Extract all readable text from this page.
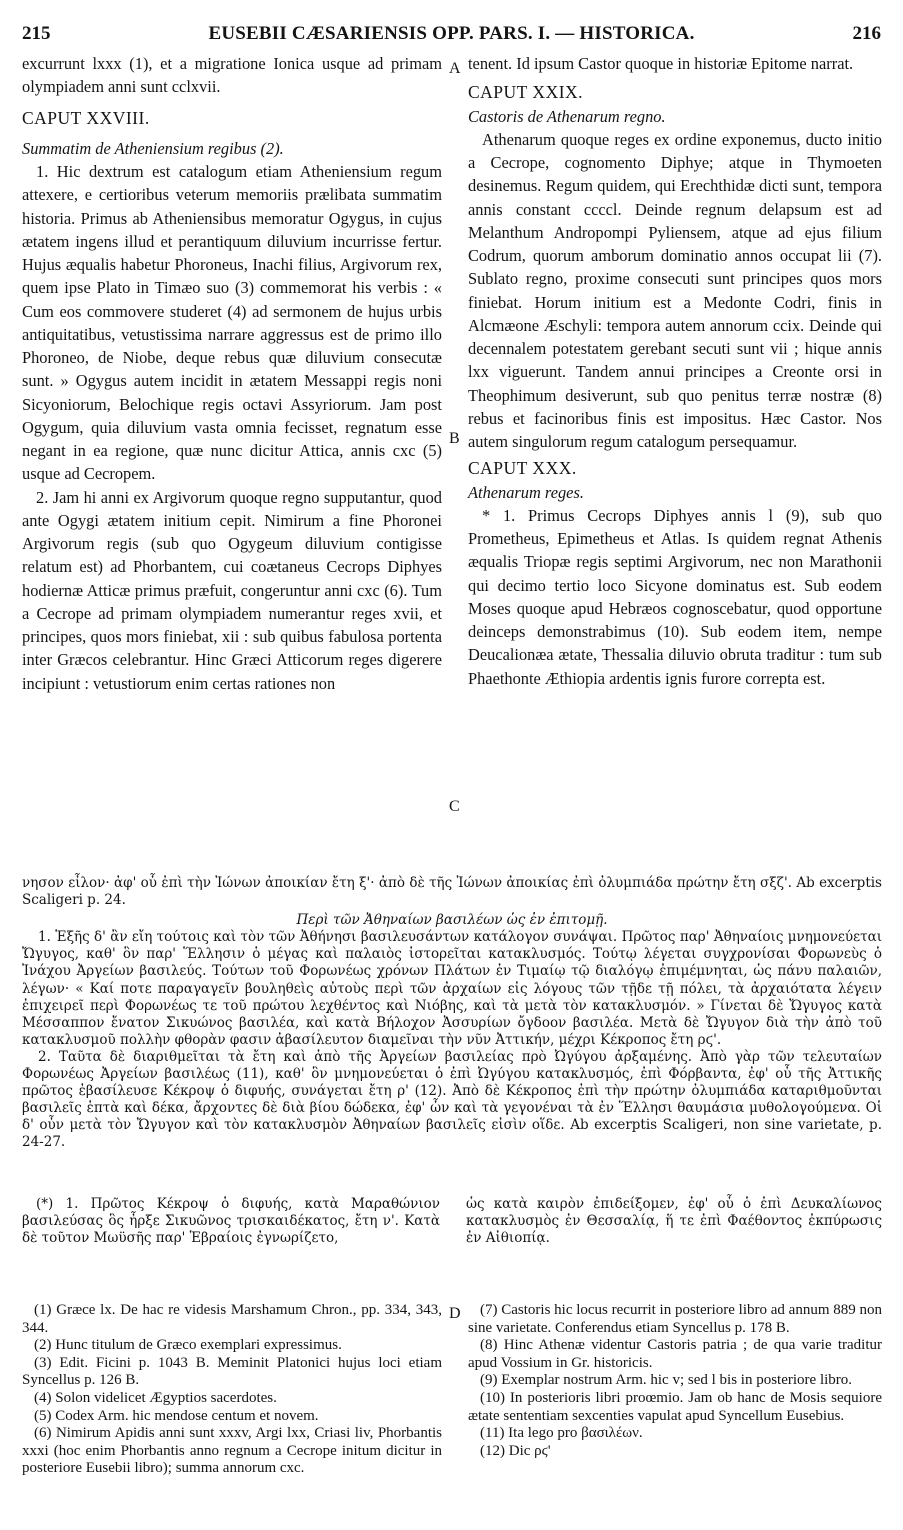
215	EUSEBII CÆSARIENSIS OPP. PARS. I. — HISTORICA.	216

excurrunt lxxx (1), et a migratione Ionica usque ad primam olympiadem anni sunt cclxvii.

CAPUT XXVIII.

Summatim de Atheniensium regibus (2).

1. Hic dextrum est catalogum etiam Atheniensium regum attexere, e certioribus veterum memoriis prælibata summatim historia. Primus ab Atheniensibus memoratur Ogygus, in cujus ætatem ingens illud et perantiquum diluvium incurrisse fertur. Hujus æqualis habetur Phoroneus, Inachi filius, Argivorum rex, quem ipse Plato in Timæo suo (3) commemorat his verbis : « Cum eos commovere studeret (4) ad sermonem de hujus urbis antiquitatibus, vetustissima narrare aggressus est de primo illo Phoroneo, de Niobe, deque rebus quæ diluvium consecutæ sunt. » Ogygus autem incidit in ætatem Messappi regis noni Sicyoniorum, Belochique regis octavi Assyriorum. Jam post Ogygum, quia diluvium vasta omnia fecisset, regnatum esse negant in ea regione, quæ nunc dicitur Attica, annis cxc (5) usque ad Cecropem.

2. Jam hi anni ex Argivorum quoque regno supputantur, quod ante Ogygi ætatem initium cepit. Nimirum a fine Phoronei Argivorum regis (sub quo Ogygeum diluvium contigisse relatum est) ad Phorbantem, cui coætaneus Cecrops Diphyes hodiernæ Atticæ primus præfuit, congeruntur anni cxc (6). Tum a Cecrope ad primam olympiadem numerantur reges xvii, et principes, quos mors finiebat, xii : sub quibus fabulosa portenta inter Græcos celebrantur. Hinc Græci Atticorum reges digerere incipiunt : vetustiorum enim certas rationes non

A
B
C

tenent. Id ipsum Castor quoque in historiæ Epitome narrat.

CAPUT XXIX.

Castoris de Athenarum regno.

Athenarum quoque reges ex ordine exponemus, ducto initio a Cecrope, cognomento Diphye; atque in Thymoeten desinemus. Regum quidem, qui Erechthidæ dicti sunt, tempora annis constant ccccl. Deinde regnum delapsum est ad Melanthum Andropompi Pyliensem, atque ad ejus filium Codrum, quorum amborum dominatio annos occupat lii (7). Sublato regno, proxime consecuti sunt principes quos mors finiebat. Horum initium est a Medonte Codri, finis in Alcmæone Æschyli: tempora autem annorum ccix. Deinde qui decennalem potestatem gerebant secuti sunt vii ; hique annis lxx viguerunt. Tandem annui principes a Creonte orsi in Theophimum desiverunt, sub quo penitus terræ nostræ (8) rebus et facinoribus finis est impositus. Hæc Castor. Nos autem singulorum regum catalogum persequamur.

CAPUT XXX.

Athenarum reges.

* 1. Primus Cecrops Diphyes annis l (9), sub quo Prometheus, Epimetheus et Atlas. Is quidem regnat Athenis æqualis Triopæ regis septimi Argivorum, nec non Marathonii qui decimo tertio loco Sicyone dominatus est. Sub eodem Moses quoque apud Hebræos cognoscebatur, quod opportune deinceps demonstrabimus (10). Sub eodem item, nempe Deucalionæa ætate, Thessalia diluvio obruta traditur : tum sub Phaethonte Æthiopia ardentis ignis furore correpta est.

νησον εἶλον· ἀφ' οὗ ἐπὶ τὴν Ἰώνων ἀποικίαν ἔτη ξ'· ἀπὸ δὲ τῆς Ἰώνων ἀποικίας ἐπὶ ὀλυμπιάδα πρώτην ἔτη σξζ'. Ab excerptis Scaligeri p. 24.

Περὶ τῶν Ἀθηναίων βασιλέων ὡς ἐν ἐπιτομῇ.

1. Ἑξῆς δ' ἂν εἴη τούτοις καὶ τὸν τῶν Ἀθήνησι βασιλευσάντων κατάλογον συνάψαι. Πρῶτος παρ' Ἀθηναίοις μνημονεύεται Ὤγυγος, καθ' ὃν παρ' Ἕλλησιν ὁ μέγας καὶ παλαιὸς ἱστορεῖται κατακλυσμός. Τούτῳ λέγεται συγχρονίσαι Φορωνεὺς ὁ Ἰνάχου Ἀργείων βασιλεύς. Τούτων τοῦ Φορωνέως χρόνων Πλάτων ἐν Τιμαίῳ τῷ διαλόγῳ ἐπιμέμνηται, ὡς πάνυ παλαιῶν, λέγων· « Καί ποτε παραγαγεῖν βουληθεὶς αὐτοὺς περὶ τῶν ἀρχαίων εἰς λόγους τῶν τῇδε τῇ πόλει, τὰ ἀρχαιότατα λέγειν ἐπιχειρεῖ περὶ Φορωνέως τε τοῦ πρώτου λεχθέντος καὶ Νιόβης, καὶ τὰ μετὰ τὸν κατακλυσμόν. » Γίνεται δὲ Ὤγυγος κατὰ Μέσσαππον ἔνατον Σικυώνος βασιλέα, καὶ κατὰ Βήλοχον Ἀσσυρίων ὄγδοον βασιλέα. Μετὰ δὲ Ὤγυγον διὰ τὴν ἀπὸ τοῦ κατακλυσμοῦ πολλὴν φθορὰν φασιν ἀβασίλευτον διαμεῖναι τὴν νῦν Ἀττικήν, μέχρι Κέκροπος ἔτη ρϛ'.

2. Ταῦτα δὲ διαριθμεῖται τὰ ἔτη καὶ ἀπὸ τῆς Ἀργείων βασιλείας πρὸ Ὠγύγου ἀρξαμένης. Ἀπὸ γὰρ τῶν τελευταίων Φορωνέως Ἀργείων βασιλέως (11), καθ' ὃν μνημονεύεται ὁ ἐπὶ Ὠγύγου κατακλυσμός, ἐπὶ Φόρβαντα, ἐφ' οὗ τῆς Ἀττικῆς πρῶτος ἐβασίλευσε Κέκροψ ὁ διφυής, συνάγεται ἔτη ρ' (12). Ἀπὸ δὲ Κέκροπος ἐπὶ τὴν πρώτην ὀλυμπιάδα καταριθμοῦνται βασιλεῖς ἑπτὰ καὶ δέκα, ἄρχοντες δὲ διὰ βίου δώδεκα, ἐφ' ὧν καὶ τὰ γεγονέναι τὰ ἐν Ἕλλησι θαυμάσια μυθολογούμενα. Οἱ δ' οὖν μετὰ τὸν Ὤγυγον καὶ τὸν κατακλυσμὸν Ἀθηναίων βασιλεῖς εἰσὶν οἵδε. Ab excerptis Scaligeri, non sine varietate, p. 24-27.

(*) 1. Πρῶτος Κέκροψ ὁ διφυής, κατὰ Μαραθώνιον βασιλεύσας ὃς ἦρξε Σικυῶνος τρισκαιδέκατος, ἔτη ν'. Κατὰ δὲ τοῦτον Μωϋσῆς παρ' Ἑβραίοις ἐγνωρίζετο,

ὡς κατὰ καιρὸν ἐπιδείξομεν, ἐφ' οὗ ὁ ἐπὶ Δευκαλίωνος κατακλυσμὸς ἐν Θεσσαλίᾳ, ἥ τε ἐπὶ Φαέθοντος ἐκπύρωσις ἐν Αἰθιοπίᾳ.

D

(1) Græce lx. De hac re videsis Marshamum Chron., pp. 334, 343, 344.

(2) Hunc titulum de Græco exemplari expressimus.

(3) Edit. Ficini p. 1043 B. Meminit Platonici hujus loci etiam Syncellus p. 126 B.

(4) Solon videlicet Ægyptios sacerdotes.

(5) Codex Arm. hic mendose centum et novem.

(6) Nimirum Apidis anni sunt xxxv, Argi lxx, Criasi liv, Phorbantis xxxi (hoc enim Phorbantis anno regnum a Cecrope initum dicitur in posteriore Eusebii libro); summa annorum cxc.

(7) Castoris hic locus recurrit in posteriore libro ad annum 889 non sine varietate. Conferendus etiam Syncellus p. 178 B.

(8) Hinc Athenæ videntur Castoris patria ; de qua varie traditur apud Vossium in Gr. historicis.

(9) Exemplar nostrum Arm. hic v; sed l bis in posteriore libro.

(10) In posterioris libri proœmio. Jam ob hanc de Mosis sequiore ætate sententiam sexcenties vapulat apud Syncellum Eusebius.

(11) Ita lego pro βασιλέων.

(12) Dic ρϛ'
